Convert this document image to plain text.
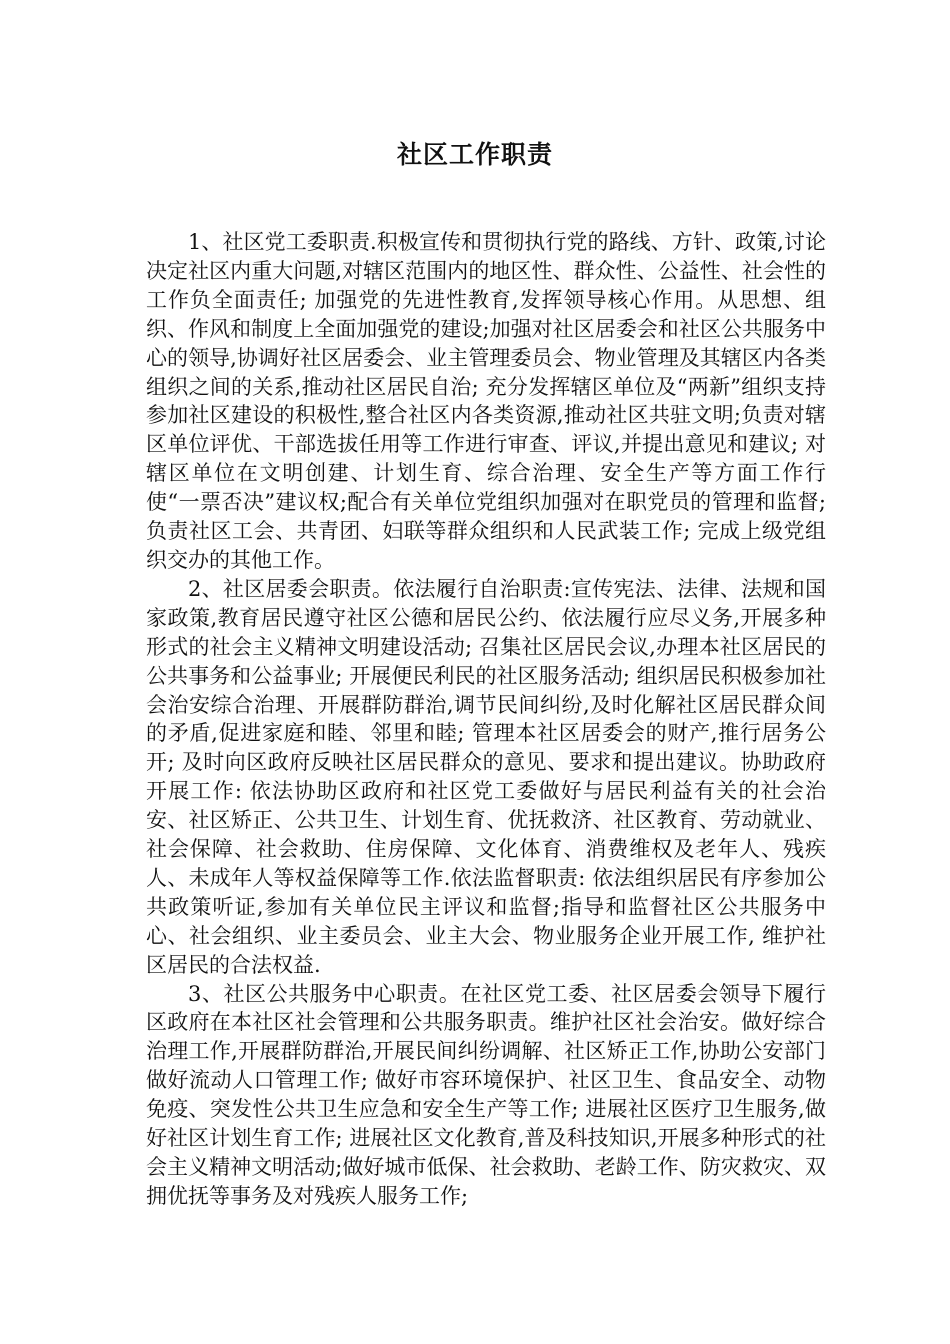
社区工作职责

1、社区党工委职责.积极宣传和贯彻执行党的路线、方针、政策,讨论决定社区内重大问题,对辖区范围内的地区性、群众性、公益性、社会性的工作负全面责任; 加强党的先进性教育,发挥领导核心作用。从思想、组织、作风和制度上全面加强党的建设;加强对社区居委会和社区公共服务中心的领导,协调好社区居委会、业主管理委员会、物业管理及其辖区内各类组织之间的关系,推动社区居民自治; 充分发挥辖区单位及“两新”组织支持参加社区建设的积极性,整合社区内各类资源,推动社区共驻文明;负责对辖区单位评优、干部选拔任用等工作进行审查、评议,并提出意见和建议; 对辖区单位在文明创建、计划生育、综合治理、安全生产等方面工作行使“一票否决”建议权;配合有关单位党组织加强对在职党员的管理和监督;负责社区工会、共青团、妇联等群众组织和人民武装工作; 完成上级党组织交办的其他工作。

2、社区居委会职责。依法履行自治职责:宣传宪法、法律、法规和国家政策,教育居民遵守社区公德和居民公约、依法履行应尽义务,开展多种形式的社会主义精神文明建设活动; 召集社区居民会议,办理本社区居民的公共事务和公益事业; 开展便民利民的社区服务活动; 组织居民积极参加社会治安综合治理、开展群防群治,调节民间纠纷,及时化解社区居民群众间的矛盾,促进家庭和睦、邻里和睦; 管理本社区居委会的财产,推行居务公开; 及时向区政府反映社区居民群众的意见、要求和提出建议。协助政府开展工作: 依法协助区政府和社区党工委做好与居民利益有关的社会治安、社区矫正、公共卫生、计划生育、优抚救济、社区教育、劳动就业、社会保障、社会救助、住房保障、文化体育、消费维权及老年人、残疾人、未成年人等权益保障等工作.依法监督职责: 依法组织居民有序参加公共政策听证,参加有关单位民主评议和监督;指导和监督社区公共服务中心、社会组织、业主委员会、业主大会、物业服务企业开展工作, 维护社区居民的合法权益.

3、社区公共服务中心职责。在社区党工委、社区居委会领导下履行区政府在本社区社会管理和公共服务职责。维护社区社会治安。做好综合治理工作,开展群防群治,开展民间纠纷调解、社区矫正工作,协助公安部门做好流动人口管理工作; 做好市容环境保护、社区卫生、食品安全、动物免疫、突发性公共卫生应急和安全生产等工作; 进展社区医疗卫生服务,做好社区计划生育工作; 进展社区文化教育,普及科技知识,开展多种形式的社会主义精神文明活动;做好城市低保、社会救助、老龄工作、防灾救灾、双拥优抚等事务及对残疾人服务工作;
